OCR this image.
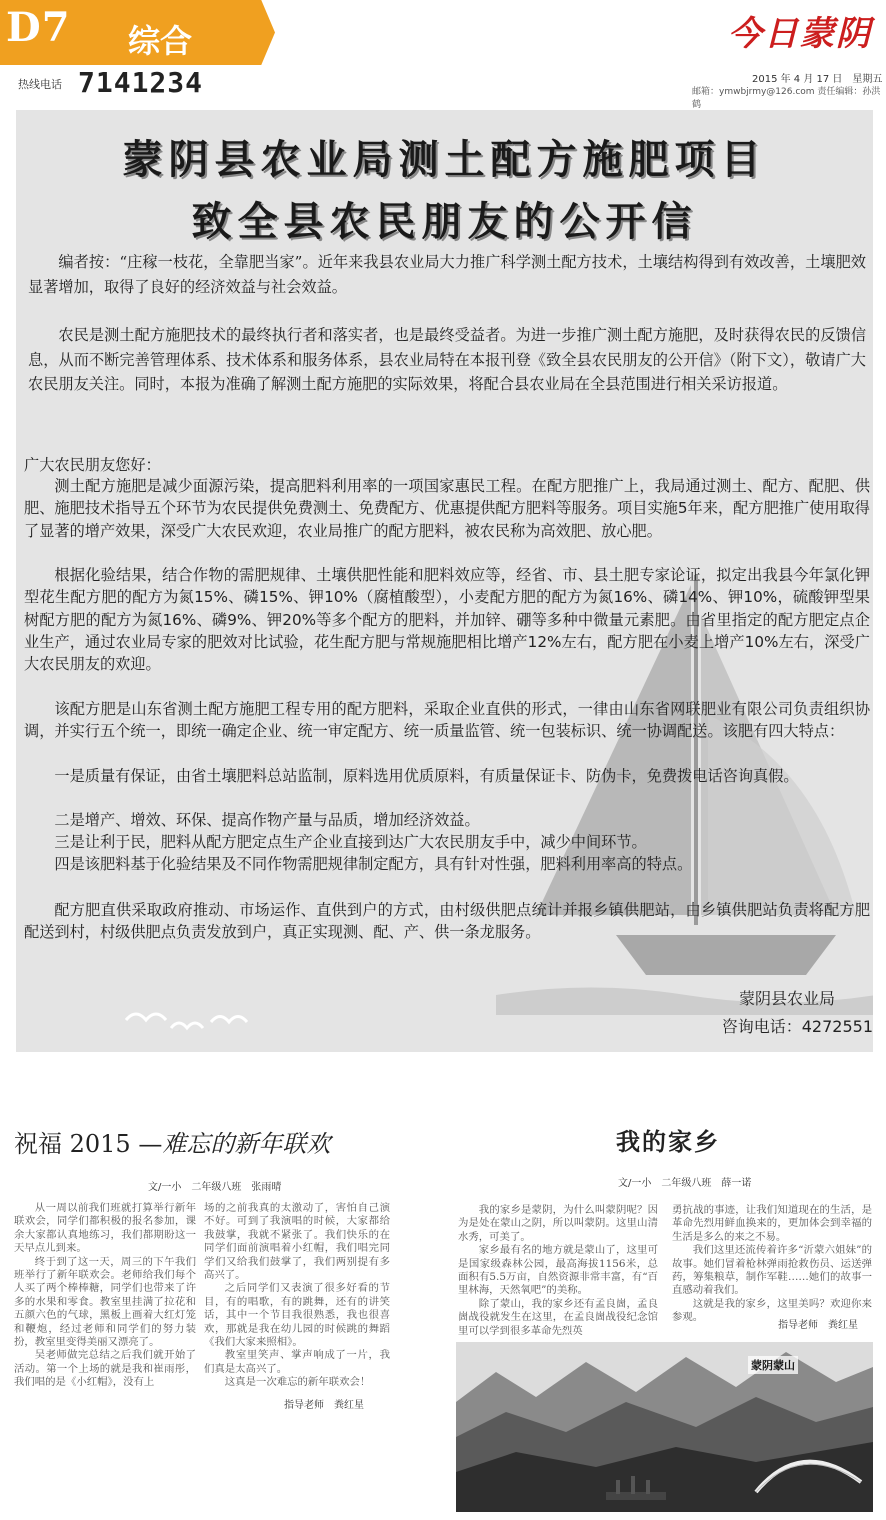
D7 综合
热线电话 7141234
今日蒙阴
2015 年 4 月 17 日　星期五
邮箱：ymwbjrmy@126.com 责任编辑：孙洪鹤
蒙阴县农业局测土配方施肥项目
致全县农民朋友的公开信

编者按：“庄稼一枝花，全靠肥当家”。近年来我县农业局大力推广科学测土配方技术，土壤结构得到有效改善，土壤肥效显著增加，取得了良好的经济效益与社会效益。

农民是测土配方施肥技术的最终执行者和落实者，也是最终受益者。为进一步推广测土配方施肥，及时获得农民的反馈信息，从而不断完善管理体系、技术体系和服务体系，县农业局特在本报刊登《致全县农民朋友的公开信》（附下文），敬请广大农民朋友关注。同时，本报为准确了解测土配方施肥的实际效果，将配合县农业局在全县范围进行相关采访报道。

广大农民朋友您好：

测土配方施肥是减少面源污染，提高肥料利用率的一项国家惠民工程。在配方肥推广上，我局通过测土、配方、配肥、供肥、施肥技术指导五个环节为农民提供免费测土、免费配方、优惠提供配方肥料等服务。项目实施5年来，配方肥推广使用取得了显著的增产效果，深受广大农民欢迎，农业局推广的配方肥料，被农民称为高效肥、放心肥。

根据化验结果，结合作物的需肥规律、土壤供肥性能和肥料效应等，经省、市、县土肥专家论证，拟定出我县今年氯化钾型花生配方肥的配方为氮15%、磷15%、钾10%（腐植酸型），小麦配方肥的配方为氮16%、磷14%、钾10%，硫酸钾型果树配方肥的配方为氮16%、磷9%、钾20%等多个配方的肥料，并加锌、硼等多种中微量元素肥。由省里指定的配方肥定点企业生产，通过农业局专家的肥效对比试验，花生配方肥与常规施肥相比增产12%左右，配方肥在小麦上增产10%左右，深受广大农民朋友的欢迎。

该配方肥是山东省测土配方施肥工程专用的配方肥料，采取企业直供的形式，一律由山东省网联肥业有限公司负责组织协调，并实行五个统一，即统一确定企业、统一审定配方、统一质量监管、统一包装标识、统一协调配送。该肥有四大特点：

一是质量有保证，由省土壤肥料总站监制，原料选用优质原料，有质量保证卡、防伪卡，免费拨电话咨询真假。

二是增产、增效、环保、提高作物产量与品质，增加经济效益。

三是让利于民，肥料从配方肥定点生产企业直接到达广大农民朋友手中，减少中间环节。

四是该肥料基于化验结果及不同作物需肥规律制定配方，具有针对性强，肥料利用率高的特点。

配方肥直供采取政府推动、市场运作、直供到户的方式，由村级供肥点统计并报乡镇供肥站，由乡镇供肥站负责将配方肥配送到村，村级供肥点负责发放到户，真正实现测、配、产、供一条龙服务。

蒙阴县农业局
咨询电话：4272551
祝福 2015 —难忘的新年联欢
文/一小　二年级八班　张雨晴

从一周以前我们班就打算举行新年联欢会，同学们都积极的报名参加，课余大家都认真地练习，我们都期盼这一天早点儿到来。

终于到了这一天，周三的下午我们班举行了新年联欢会。老师给我们每个人买了两个棒棒糖，同学们也带来了许多的水果和零食。教室里挂满了拉花和五颜六色的气球，黑板上画着大红灯笼和鞭炮，经过老师和同学们的努力装扮，教室里变得美丽又漂亮了。

吴老师做完总结之后我们就开始了活动。第一个上场的就是我和崔雨彤，我们唱的是《小红帽》，没有上

场的之前我真的太激动了，害怕自己演不好。可到了我演唱的时候，大家都给我鼓掌，我就不紧张了。我们快乐的在同学们面前演唱着小红帽，我们唱完同学们又给我们鼓掌了，我们两别提有多高兴了。

之后同学们又表演了很多好看的节目，有的唱歌，有的跳舞，还有的讲笑话，其中一个节目我很熟悉，我也很喜欢，那就是我在幼儿园的时候跳的舞蹈《我们大家来照相》。

教室里笑声、掌声响成了一片，我们真是太高兴了。

这真是一次难忘的新年联欢会！

指导老师　粪红星
我的家乡
文/一小　二年级八班　薛一诺

我的家乡是蒙阴，为什么叫蒙阴呢？因为是处在蒙山之阴，所以叫蒙阴。这里山清水秀，可美了。

家乡最有名的地方就是蒙山了，这里可是国家级森林公园，最高海拔1156米，总面积有5.5万亩，自然资源非常丰富，有“百里林海，天然氧吧”的美称。

除了蒙山，我的家乡还有孟良崮，孟良崮战役就发生在这里，在孟良崮战役纪念馆里可以学到很多革命先烈英

勇抗战的事迹，让我们知道现在的生活，是革命先烈用鲜血换来的，更加体会到幸福的生活是多么的来之不易。

我们这里还流传着许多“沂蒙六姐妹”的故事。她们冒着枪林弹雨抢救伤员、运送弹药，筹集粮草，制作军鞋……她们的故事一直感动着我们。

这就是我的家乡，这里美吗？欢迎你来参观。

指导老师　粪红星
蒙阴蒙山
